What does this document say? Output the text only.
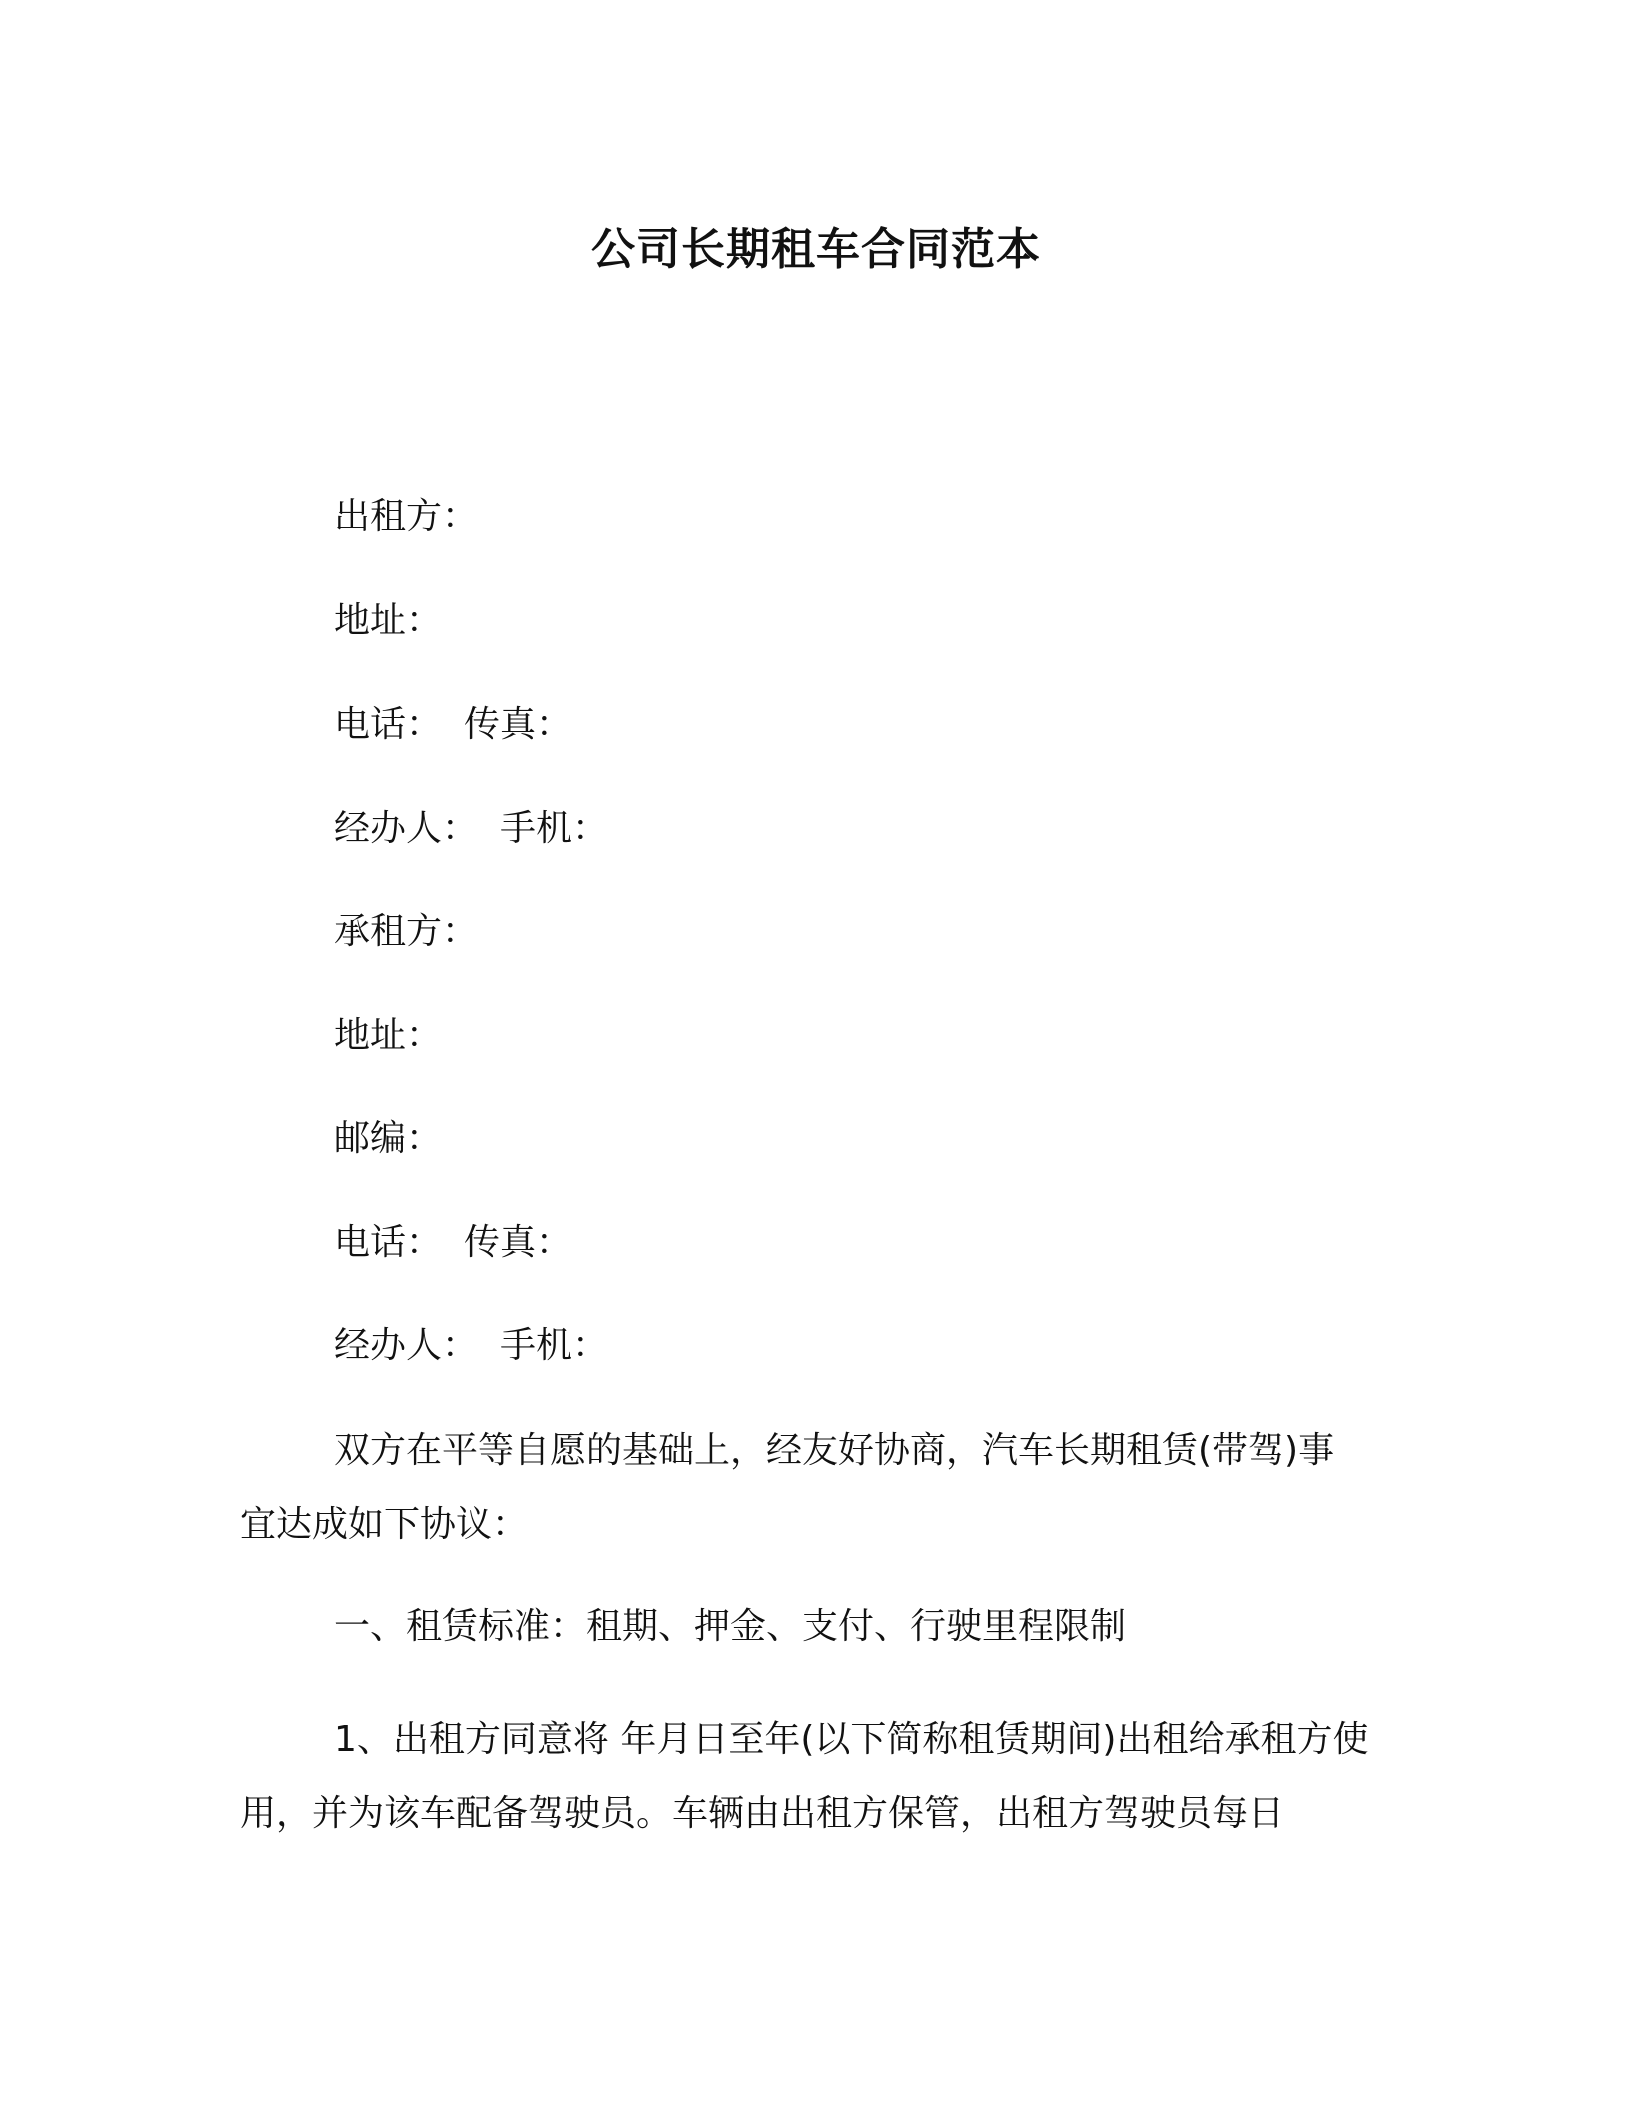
公司长期租车合同范本
出租方：
地址：
电话： 传真：
经办人： 手机：
承租方：
地址：
邮编：
电话： 传真：
经办人： 手机：
双方在平等自愿的基础上，经友好协商，汽车长期租赁(带驾)事宜达成如下协议：
一、租赁标准：租期、押金、支付、行驶里程限制
1、出租方同意将 年月日至年(以下简称租赁期间)出租给承租方使用，并为该车配备驾驶员。车辆由出租方保管，出租方驾驶员每日
